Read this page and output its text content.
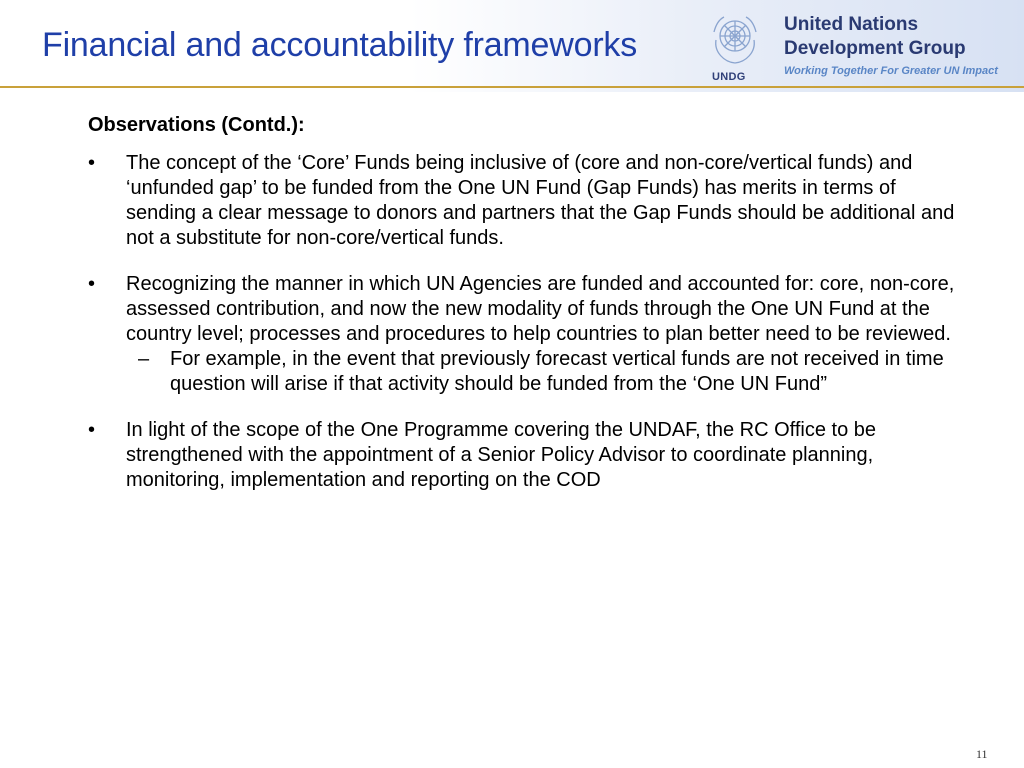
Financial and accountability frameworks
UNDG
United Nations
Development Group
Working Together For Greater UN Impact
Observations (Contd.):
• The concept of the ‘Core’ Funds being inclusive of (core and non-core/vertical funds) and ‘unfunded gap’ to be funded from the One UN Fund (Gap Funds) has merits in terms of sending a clear message to donors and partners that the Gap Funds should be additional and not a substitute for non-core/vertical funds.
• Recognizing the manner in which UN Agencies are funded and accounted for: core, non-core, assessed contribution, and now the new modality of funds through the One UN Fund at the country level; processes and procedures to help countries to plan better need to be reviewed.
– For example, in the event that previously forecast vertical funds are not received in time question will arise if that activity should be funded from the ‘One UN Fund”
• In light of the scope of the One Programme covering the UNDAF, the RC Office to be strengthened with the appointment of a Senior Policy Advisor to coordinate planning, monitoring, implementation and reporting on the COD
11
